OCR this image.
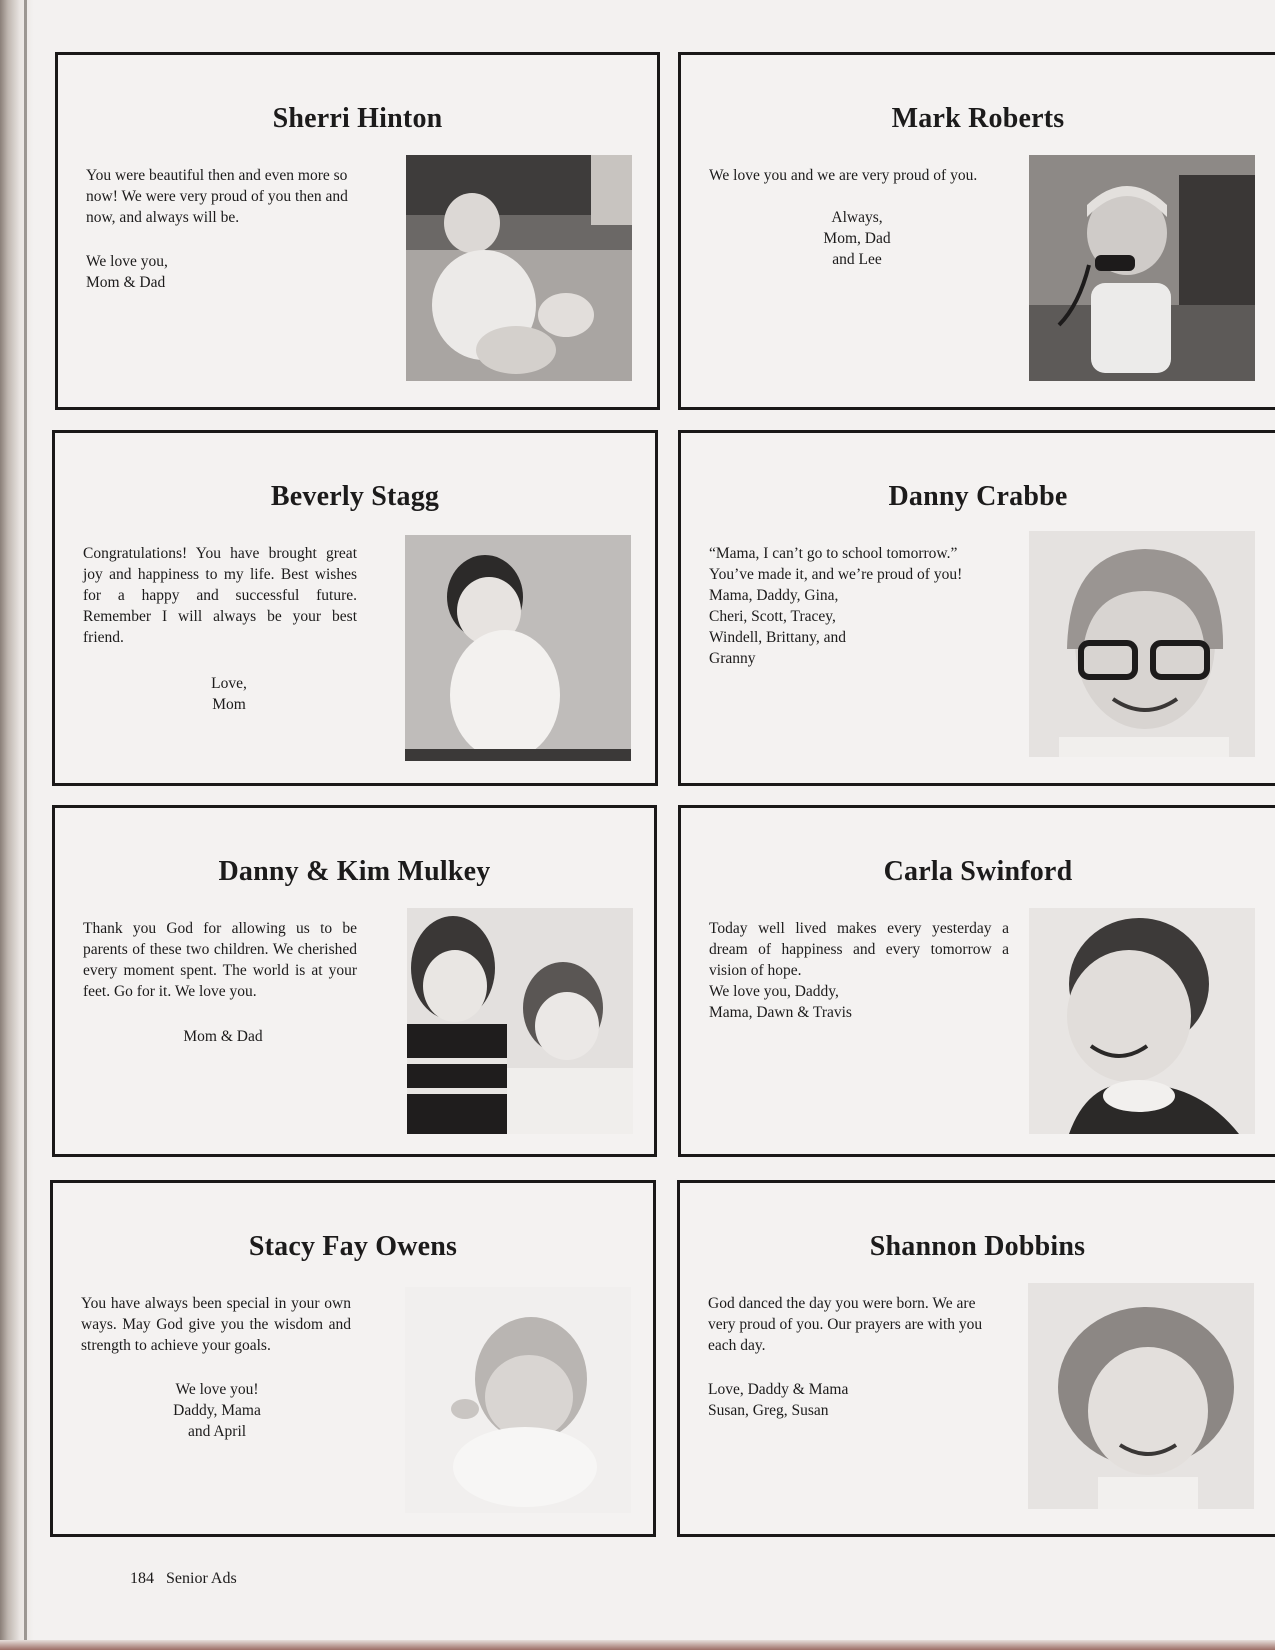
Sherri Hinton
You were beautiful then and even more so now! We were very proud of you then and now, and always will be.
We love you,
Mom & Dad
Mark Roberts
We love you and we are very proud of you.
Always,
Mom, Dad
and Lee
Beverly Stagg
Congratulations! You have brought great joy and happiness to my life. Best wishes for a happy and successful future. Remember I will always be your best friend.
Love,
Mom
Danny Crabbe
“Mama, I can’t go to school tomorrow.”
You’ve made it, and we’re proud of you!
Mama, Daddy, Gina,
Cheri, Scott, Tracey,
Windell, Brittany, and
Granny
Danny & Kim Mulkey
Thank you God for allowing us to be parents of these two children. We cherished every moment spent. The world is at your feet. Go for it. We love you.
Mom & Dad
Carla Swinford
Today well lived makes every yesterday a dream of happiness and every tomorrow a vision of hope.
We love you, Daddy,
Mama, Dawn & Travis
Stacy Fay Owens
You have always been special in your own ways. May God give you the wisdom and strength to achieve your goals.
We love you!
Daddy, Mama
and April
Shannon Dobbins
God danced the day you were born. We are very proud of you. Our prayers are with you each day.
Love, Daddy & Mama
Susan, Greg, Susan
184 Senior Ads
